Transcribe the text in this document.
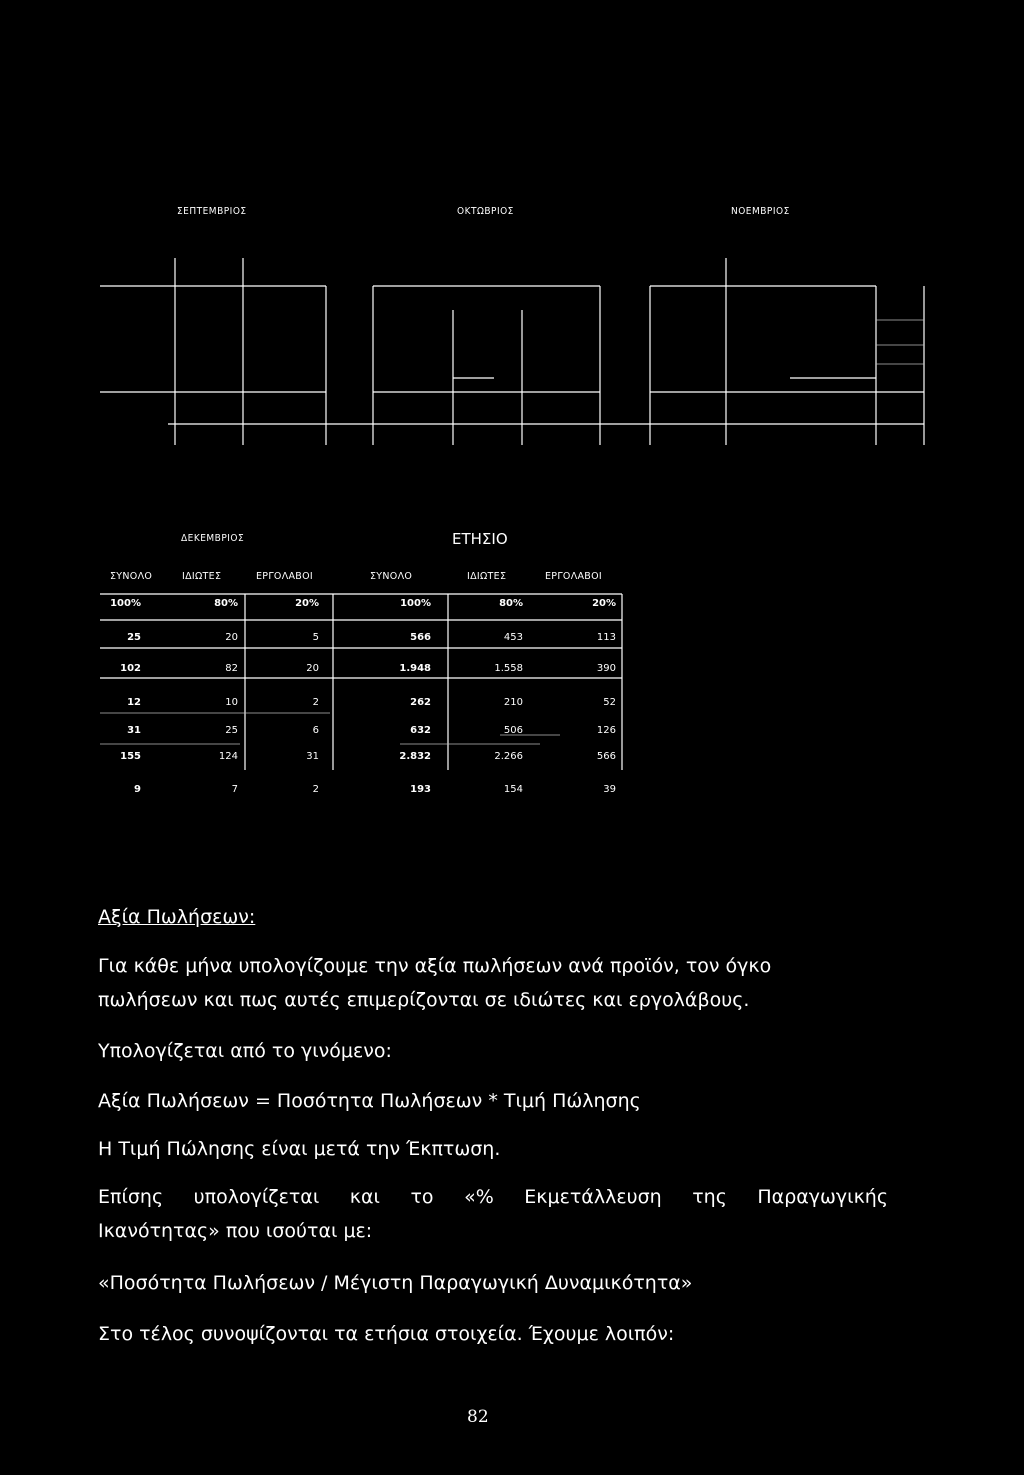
ΣΕΠΤΕΜΒΡΙΟΣ	ΟΚΤΩΒΡΙΟΣ	ΝΟΕΜΒΡΙΟΣ
ΔΕΚΕΜΒΡΙΟΣ	ΕΤΗΣΙΟ
ΣΥΝΟΛΟ	ΙΔΙΩΤΕΣ	ΕΡΓΟΛΑΒΟΙ	ΣΥΝΟΛΟ	ΙΔΙΩΤΕΣ	ΕΡΓΟΛΑΒΟΙ
100%	80%	20%	100%	80%	20%
25	20	5	566	453	113
102	82	20	1.948	1.558	390
12	10	2	262	210	52
31	25	6	632	506	126
155	124	31	2.832	2.266	566
9	7	2	193	154	39
Αξία Πωλήσεων:
Για κάθε μήνα υπολογίζουμε την αξία πωλήσεων ανά προϊόν, τον όγκο
πωλήσεων και πως αυτές επιμερίζονται σε ιδιώτες και εργολάβους.
Υπολογίζεται από το γινόμενο:
Αξία Πωλήσεων = Ποσότητα Πωλήσεων * Τιμή Πώλησης
Η Τιμή Πώλησης είναι μετά την Έκπτωση.
Επίσης υπολογίζεται και το «% Εκμετάλλευση της Παραγωγικής
Ικανότητας» που ισούται με:
«Ποσότητα Πωλήσεων / Μέγιστη Παραγωγική Δυναμικότητα»
Στο τέλος συνοψίζονται τα ετήσια στοιχεία. Έχουμε λοιπόν:
82
